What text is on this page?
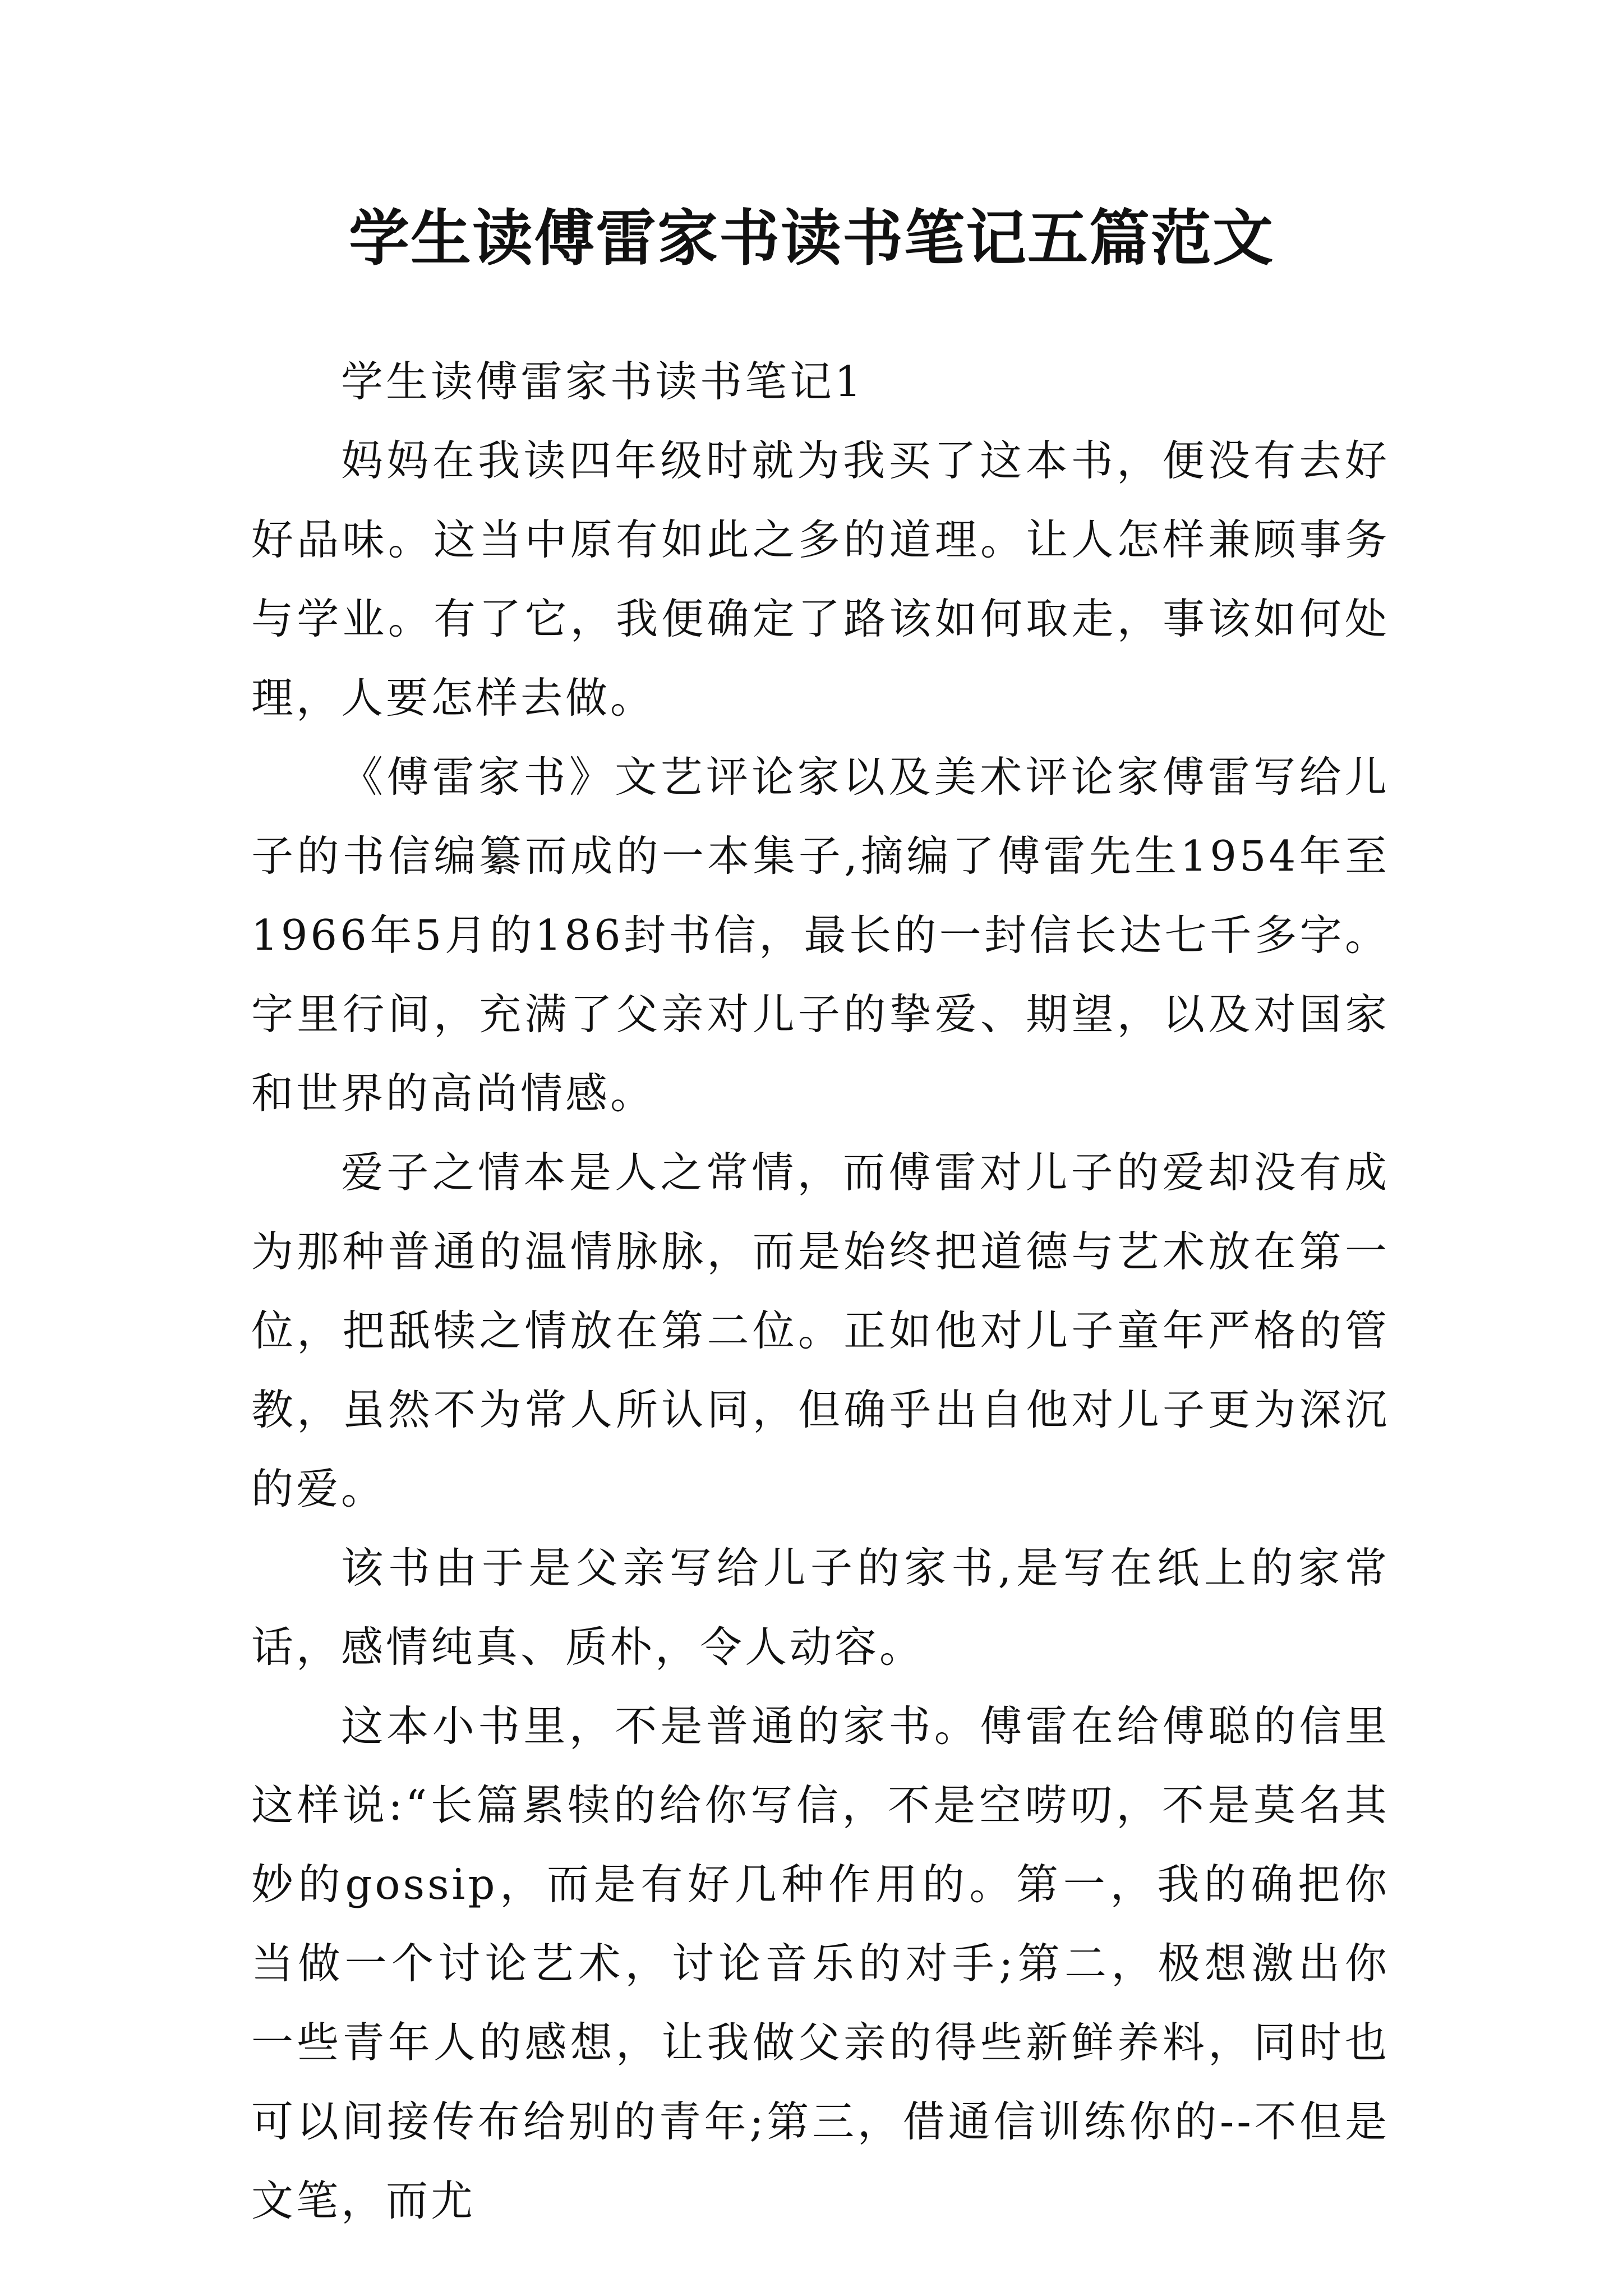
学生读傅雷家书读书笔记五篇范文

学生读傅雷家书读书笔记1

妈妈在我读四年级时就为我买了这本书，便没有去好好品味。这当中原有如此之多的道理。让人怎样兼顾事务与学业。有了它，我便确定了路该如何取走，事该如何处理，人要怎样去做。

《傅雷家书》文艺评论家以及美术评论家傅雷写给儿子的书信编纂而成的一本集子,摘编了傅雷先生1954年至1966年5月的186封书信，最长的一封信长达七千多字。字里行间，充满了父亲对儿子的挚爱、期望，以及对国家和世界的高尚情感。

爱子之情本是人之常情，而傅雷对儿子的爱却没有成为那种普通的温情脉脉，而是始终把道德与艺术放在第一位，把舐犊之情放在第二位。正如他对儿子童年严格的管教，虽然不为常人所认同，但确乎出自他对儿子更为深沉的爱。

该书由于是父亲写给儿子的家书,是写在纸上的家常话，感情纯真、质朴，令人动容。

这本小书里，不是普通的家书。傅雷在给傅聪的信里这样说:“长篇累犊的给你写信，不是空唠叨，不是莫名其妙的gossip，而是有好几种作用的。第一，我的确把你当做一个讨论艺术，讨论音乐的对手;第二，极想激出你一些青年人的感想，让我做父亲的得些新鲜养料，同时也可以间接传布给别的青年;第三，借通信训练你的--不但是文笔，而尤
